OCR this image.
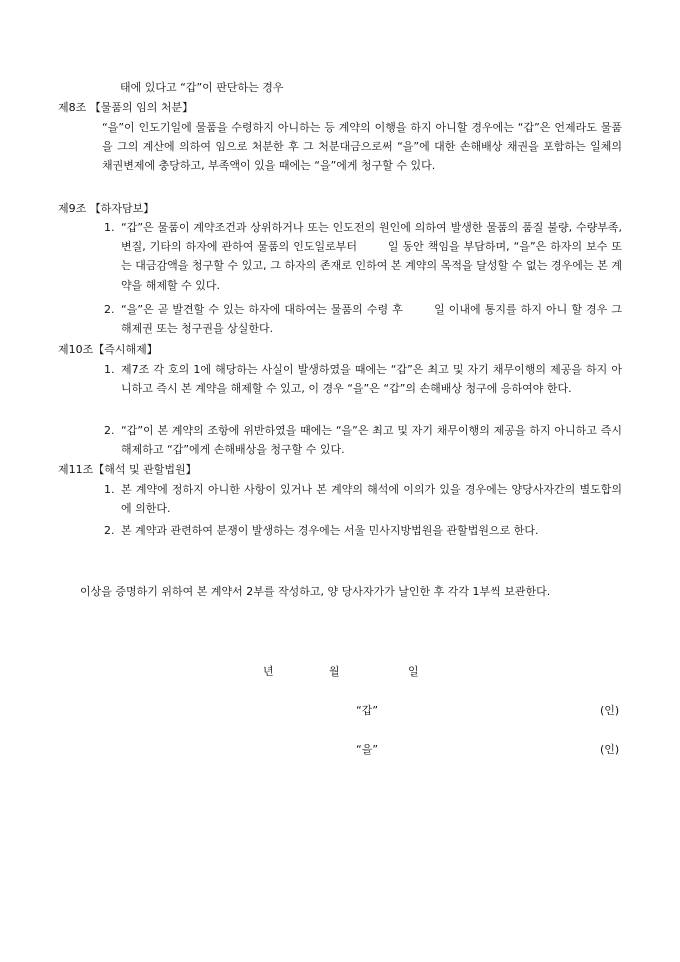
태에 있다고 “갑”이 판단하는 경우
제8조 【물품의 임의 처분】
“을”이 인도기일에 물품을 수령하지 아니하는 등 계약의 이행을 하지 아니할 경우에는 “갑”은 언제라도 물품을 그의 계산에 의하여 임으로 처분한 후 그 처분대금으로써 “을”에 대한 손해배상 채권을 포함하는 일체의 채권변제에 충당하고, 부족액이 있을 때에는 “을”에게 청구할 수 있다.
제9조 【하자담보】
1. “갑”은 물품이 계약조건과 상위하거나 또는 인도전의 원인에 의하여 발생한 물품의 품질 불량, 수량부족, 변질, 기타의 하자에 관하여 물품의 인도일로부터 　　 일 동안 책임을 부담하며, “을”은 하자의 보수 또는 대금감액을 청구할 수 있고, 그 하자의 존재로 인하여 본 계약의 목적을 달성할 수 없는 경우에는 본 계약을 해제할 수 있다.
2. “을”은 곧 발견할 수 있는 하자에 대하여는 물품의 수령 후 　　 일 이내에 통지를 하지 아니 할 경우 그 해제권 또는 청구권을 상실한다.
제10조【즉시해제】
1. 제7조 각 호의 1에 해당하는 사실이 발생하였을 때에는 “갑”은 최고 및 자기 채무이행의 제공을 하지 아니하고 즉시 본 계약을 해제할 수 있고, 이 경우 “을”은 “갑”의 손해배상 청구에 응하여야 한다.
2. “갑”이 본 계약의 조항에 위반하였을 때에는 “을”은 최고 및 자기 채무이행의 제공을 하지 아니하고 즉시 해제하고 “갑”에게 손해배상을 청구할 수 있다.
제11조【해석 및 관할법원】
1. 본 계약에 정하지 아니한 사항이 있거나 본 계약의 해석에 이의가 있을 경우에는 양당사자간의 별도합의에 의한다.
2. 본 계약과 관련하여 분쟁이 발생하는 경우에는 서울 민사지방법원을 관할법원으로 한다.
이상을 증명하기 위하여 본 계약서 2부를 작성하고, 양 당사자가가 날인한 후 각각 1부씩 보관한다.
년	월	일
“갑”	(인)
“을”	(인)
